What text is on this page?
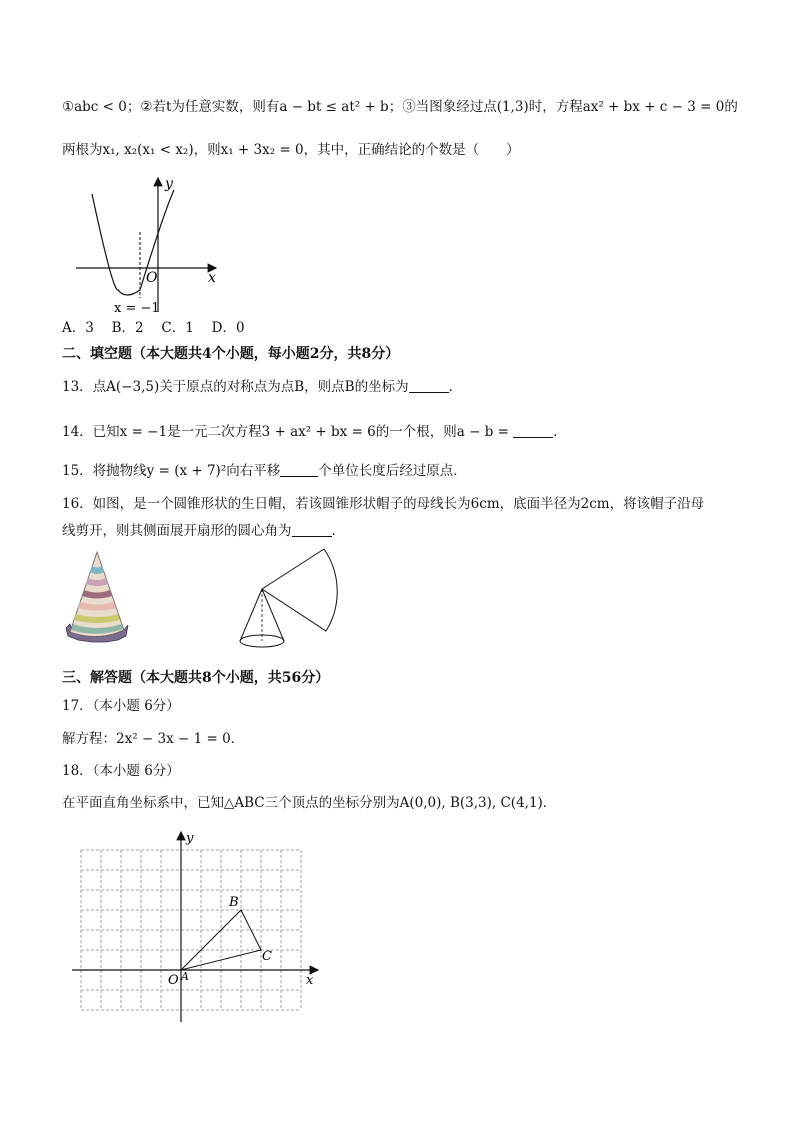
①abc < 0；②若t为任意实数，则有a − bt ≤ at² + b；③当图象经过点(1,3)时，方程ax² + bx + c − 3 = 0的
两根为x₁, x₂(x₁ < x₂)，则x₁ + 3x₂ = 0，其中，正确结论的个数是（　　）
y
x
O
x = −1
A．3　 B．2　 C．1　 D．0
二、填空题（本大题共4个小题，每小题2分，共8分）
13．点A(−3,5)关于原点的对称点为点B，则点B的坐标为	．
14．已知x = −1是一元二次方程3 + ax² + bx = 6的一个根，则a − b =	．
15．将抛物线y = (x + 7)²向右平移	个单位长度后经过原点．
16．如图，是一个圆锥形状的生日帽，若该圆锥形状帽子的母线长为6cm，底面半径为2cm，将该帽子沿母
线剪开，则其侧面展开扇形的圆心角为	．
三、解答题（本大题共8个小题，共56分）
17．（本小题 6分）
解方程：2x² − 3x − 1 = 0．
18．（本小题 6分）
在平面直角坐标系中，已知△ABC三个顶点的坐标分别为A(0,0), B(3,3), C(4,1)．
y
x
O A
B
C
